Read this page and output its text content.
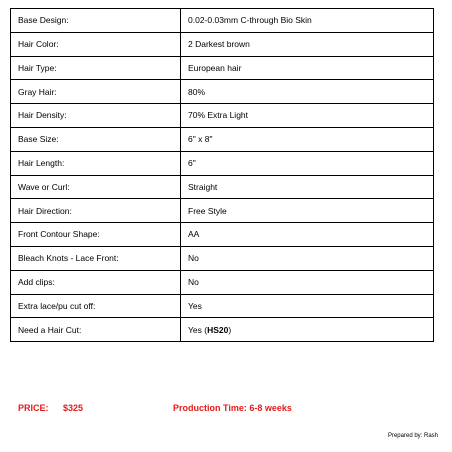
Base Design:	0.02-0.03mm C-through Bio Skin
Hair Color:	2 Darkest brown
Hair Type:	European hair
Gray Hair:	80%
Hair Density:	70% Extra Light
Base Size:	6" x 8"
Hair Length:	6"
Wave or Curl:	Straight
Hair Direction:	Free Style
Front Contour Shape:	AA
Bleach Knots - Lace Front:	No
Add clips:	No
Extra lace/pu cut off:	Yes
Need a Hair Cut:	Yes (HS20)
PRICE: $325	Production Time: 6-8 weeks
Prepared by: Rash
